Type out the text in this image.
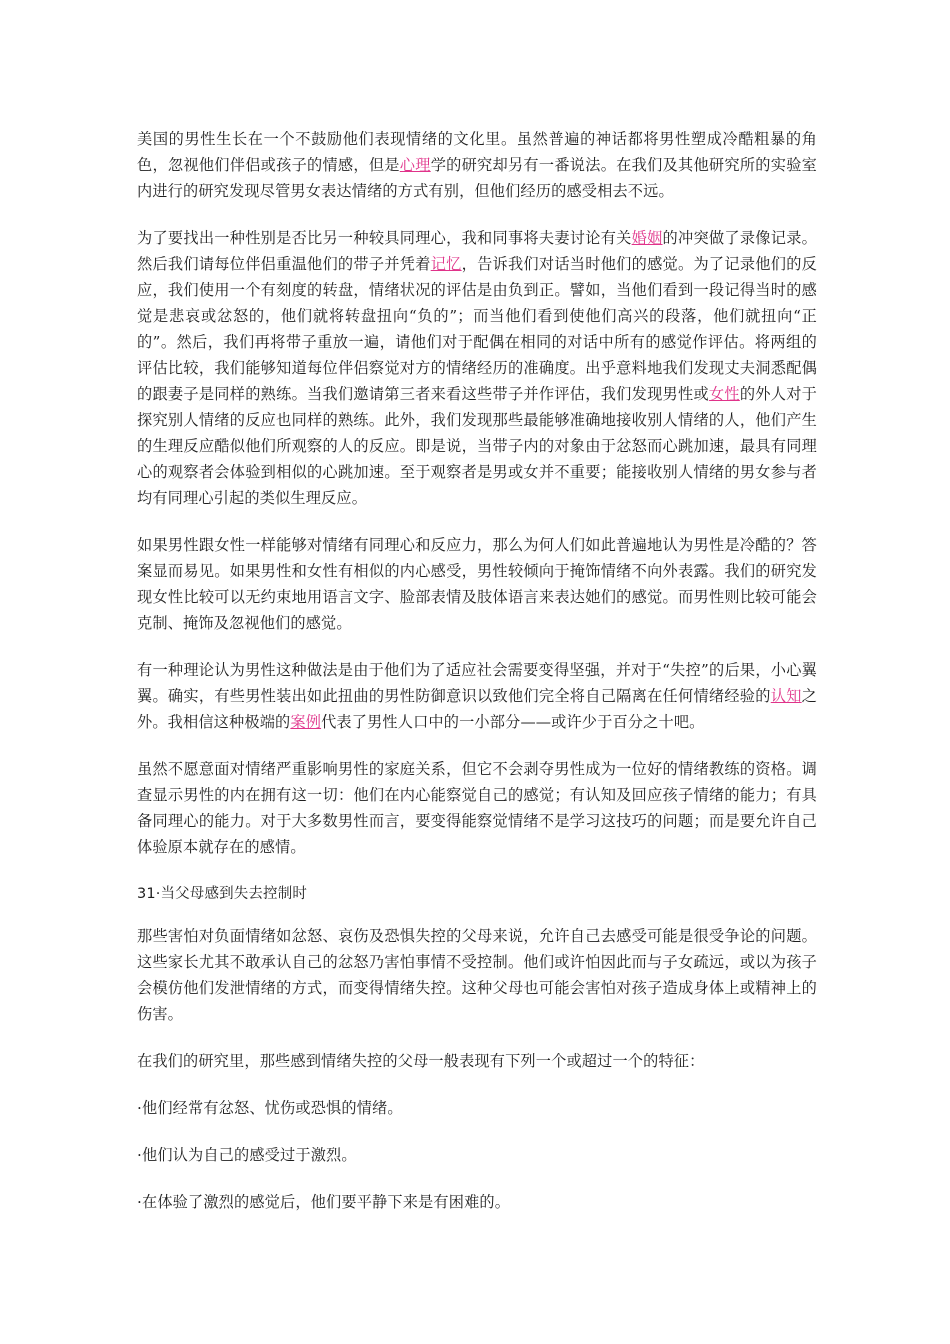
美国的男性生长在一个不鼓励他们表现情绪的文化里。虽然普遍的神话都将男性塑成冷酷粗暴的角色，忽视他们伴侣或孩子的情感，但是心理学的研究却另有一番说法。在我们及其他研究所的实验室内进行的研究发现尽管男女表达情绪的方式有别，但他们经历的感受相去不远。

为了要找出一种性别是否比另一种较具同理心，我和同事将夫妻讨论有关婚姻的冲突做了录像记录。然后我们请每位伴侣重温他们的带子并凭着记忆，告诉我们对话当时他们的感觉。为了记录他们的反应，我们使用一个有刻度的转盘，情绪状况的评估是由负到正。譬如，当他们看到一段记得当时的感觉是悲哀或忿怒的，他们就将转盘扭向“负的”；而当他们看到使他们高兴的段落，他们就扭向“正的”。然后，我们再将带子重放一遍，请他们对于配偶在相同的对话中所有的感觉作评估。将两组的评估比较，我们能够知道每位伴侣察觉对方的情绪经历的准确度。出乎意料地我们发现丈夫洞悉配偶的跟妻子是同样的熟练。当我们邀请第三者来看这些带子并作评估，我们发现男性或女性的外人对于探究别人情绪的反应也同样的熟练。此外，我们发现那些最能够准确地接收别人情绪的人，他们产生的生理反应酷似他们所观察的人的反应。即是说，当带子内的对象由于忿怒而心跳加速，最具有同理心的观察者会体验到相似的心跳加速。至于观察者是男或女并不重要；能接收别人情绪的男女参与者均有同理心引起的类似生理反应。

如果男性跟女性一样能够对情绪有同理心和反应力，那么为何人们如此普遍地认为男性是冷酷的？答案显而易见。如果男性和女性有相似的内心感受，男性较倾向于掩饰情绪不向外表露。我们的研究发现女性比较可以无约束地用语言文字、脸部表情及肢体语言来表达她们的感觉。而男性则比较可能会克制、掩饰及忽视他们的感觉。

有一种理论认为男性这种做法是由于他们为了适应社会需要变得坚强，并对于“失控”的后果，小心翼翼。确实，有些男性装出如此扭曲的男性防御意识以致他们完全将自己隔离在任何情绪经验的认知之外。我相信这种极端的案例代表了男性人口中的一小部分——或许少于百分之十吧。

虽然不愿意面对情绪严重影响男性的家庭关系，但它不会剥夺男性成为一位好的情绪教练的资格。调查显示男性的内在拥有这一切：他们在内心能察觉自己的感觉；有认知及回应孩子情绪的能力；有具备同理心的能力。对于大多数男性而言，要变得能察觉情绪不是学习这技巧的问题；而是要允许自己体验原本就存在的感情。

31·当父母感到失去控制时

那些害怕对负面情绪如忿怒、哀伤及恐惧失控的父母来说，允许自己去感受可能是很受争论的问题。这些家长尤其不敢承认自己的忿怒乃害怕事情不受控制。他们或许怕因此而与子女疏远，或以为孩子会模仿他们发泄情绪的方式，而变得情绪失控。这种父母也可能会害怕对孩子造成身体上或精神上的伤害。

在我们的研究里，那些感到情绪失控的父母一般表现有下列一个或超过一个的特征：

·他们经常有忿怒、忧伤或恐惧的情绪。

·他们认为自己的感受过于激烈。

·在体验了激烈的感觉后，他们要平静下来是有困难的。
